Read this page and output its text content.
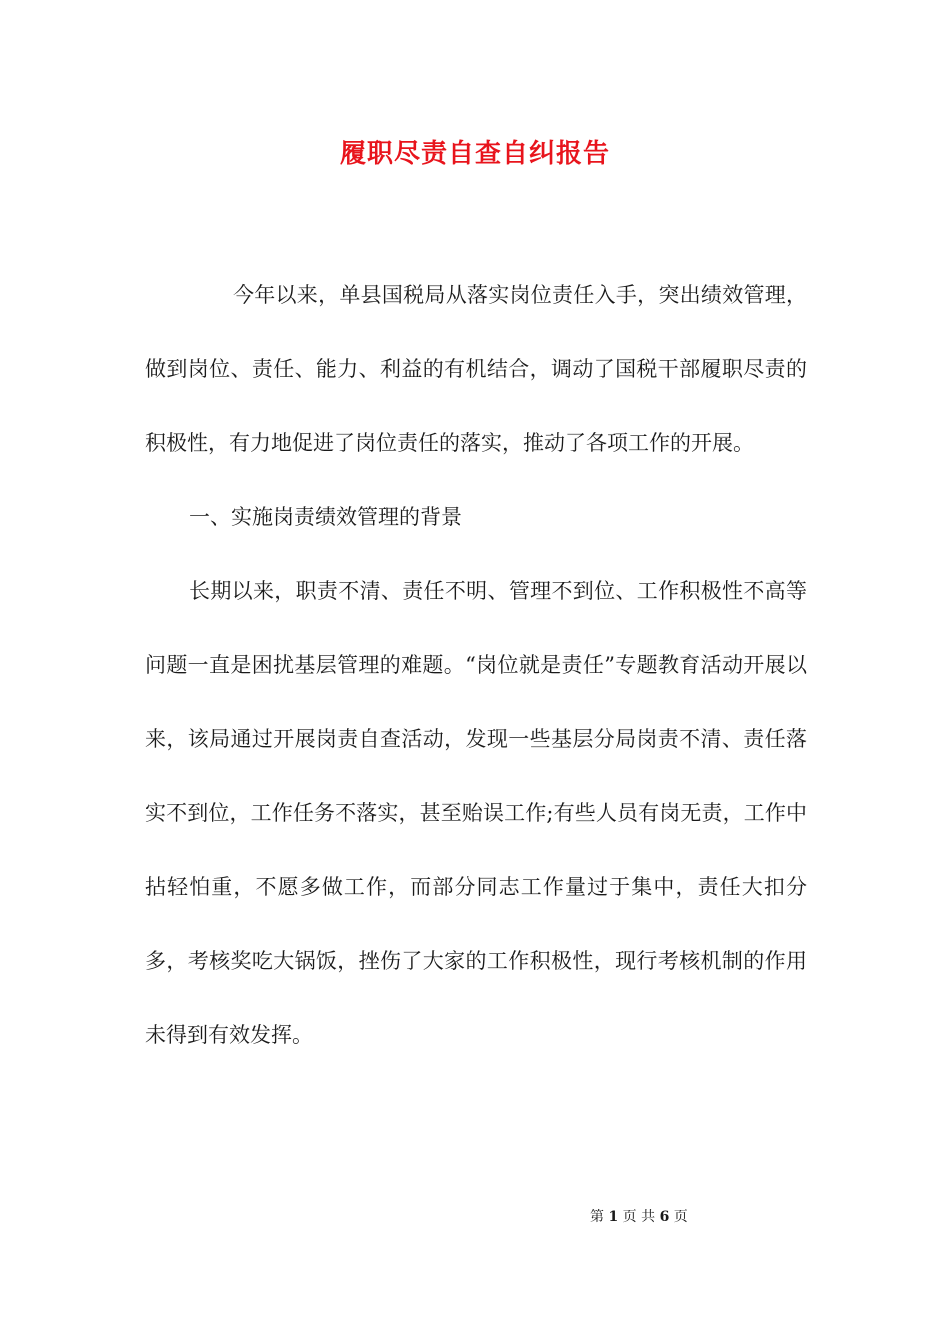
履职尽责自查自纠报告

今年以来，单县国税局从落实岗位责任入手，突出绩效管理，做到岗位、责任、能力、利益的有机结合，调动了国税干部履职尽责的积极性，有力地促进了岗位责任的落实，推动了各项工作的开展。

一、实施岗责绩效管理的背景

长期以来，职责不清、责任不明、管理不到位、工作积极性不高等问题一直是困扰基层管理的难题。“岗位就是责任”专题教育活动开展以来，该局通过开展岗责自查活动，发现一些基层分局岗责不清、责任落实不到位，工作任务不落实，甚至贻误工作;有些人员有岗无责，工作中拈轻怕重，不愿多做工作，而部分同志工作量过于集中，责任大扣分多，考核奖吃大锅饭，挫伤了大家的工作积极性，现行考核机制的作用未得到有效发挥。

第 1 页 共 6 页
